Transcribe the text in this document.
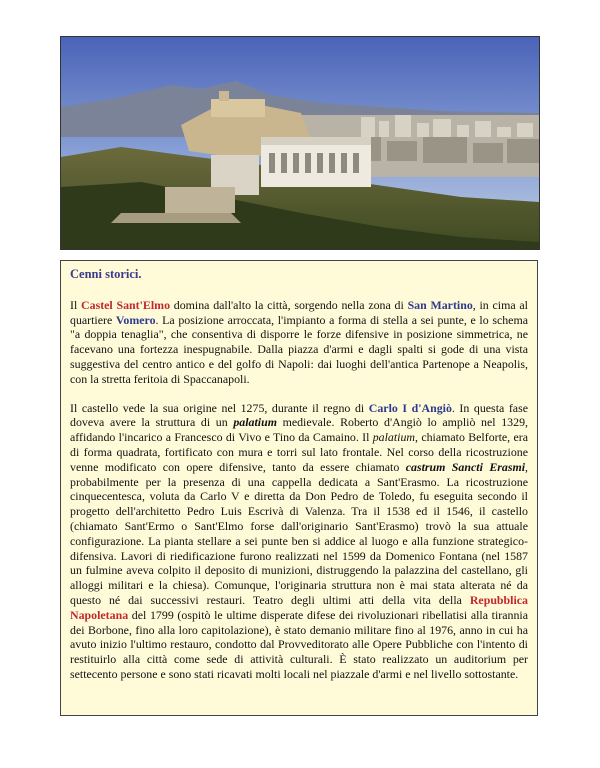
Cenni storici.

Il Castel Sant'Elmo domina dall'alto la città, sorgendo nella zona di San Martino, in cima al quartiere Vomero. La posizione arroccata, l'impianto a forma di stella a sei punte, e lo schema "a doppia tenaglia", che consentiva di disporre le forze difensive in posizione simmetrica, ne facevano una fortezza inespugnabile. Dalla piazza d'armi e dagli spalti si gode di una vista suggestiva del centro antico e del golfo di Napoli: dai luoghi dell'antica Partenope a Neapolis, con la stretta feritoia di Spaccanapoli.

Il castello vede la sua origine nel 1275, durante il regno di Carlo I d'Angiò. In questa fase doveva avere la struttura di un palatium medievale. Roberto d'Angiò lo ampliò nel 1329, affidando l'incarico a Francesco di Vivo e Tino da Camaino. Il palatium, chiamato Belforte, era di forma quadrata, fortificato con mura e torri sul lato frontale. Nel corso della ricostruzione venne modificato con opere difensive, tanto da essere chiamato castrum Sancti Erasmi, probabilmente per la presenza di una cappella dedicata a Sant'Erasmo. La ricostruzione cinquecentesca, voluta da Carlo V e diretta da Don Pedro de Toledo, fu eseguita secondo il progetto dell'architetto Pedro Luis Escrivà di Valenza. Tra il 1538 ed il 1546, il castello (chiamato Sant'Ermo o Sant'Elmo forse dall'originario Sant'Erasmo) trovò la sua attuale configurazione. La pianta stellare a sei punte ben si addice al luogo e alla funzione strategico-difensiva. Lavori di riedificazione furono realizzati nel 1599 da Domenico Fontana (nel 1587 un fulmine aveva colpito il deposito di munizioni, distruggendo la palazzina del castellano, gli alloggi militari e la chiesa). Comunque, l'originaria struttura non è mai stata alterata né da questo né dai successivi restauri. Teatro degli ultimi atti della vita della Repubblica Napoletana del 1799 (ospitò le ultime disperate difese dei rivoluzionari ribellatisi alla tirannia dei Borbone, fino alla loro capitolazione), è stato demanio militare fino al 1976, anno in cui ha avuto inizio l'ultimo restauro, condotto dal Provveditorato alle Opere Pubbliche con l'intento di restituirlo alla città come sede di attività culturali. È stato realizzato un auditorium per settecento persone e sono stati ricavati molti locali nel piazzale d'armi e nel livello sottostante.
